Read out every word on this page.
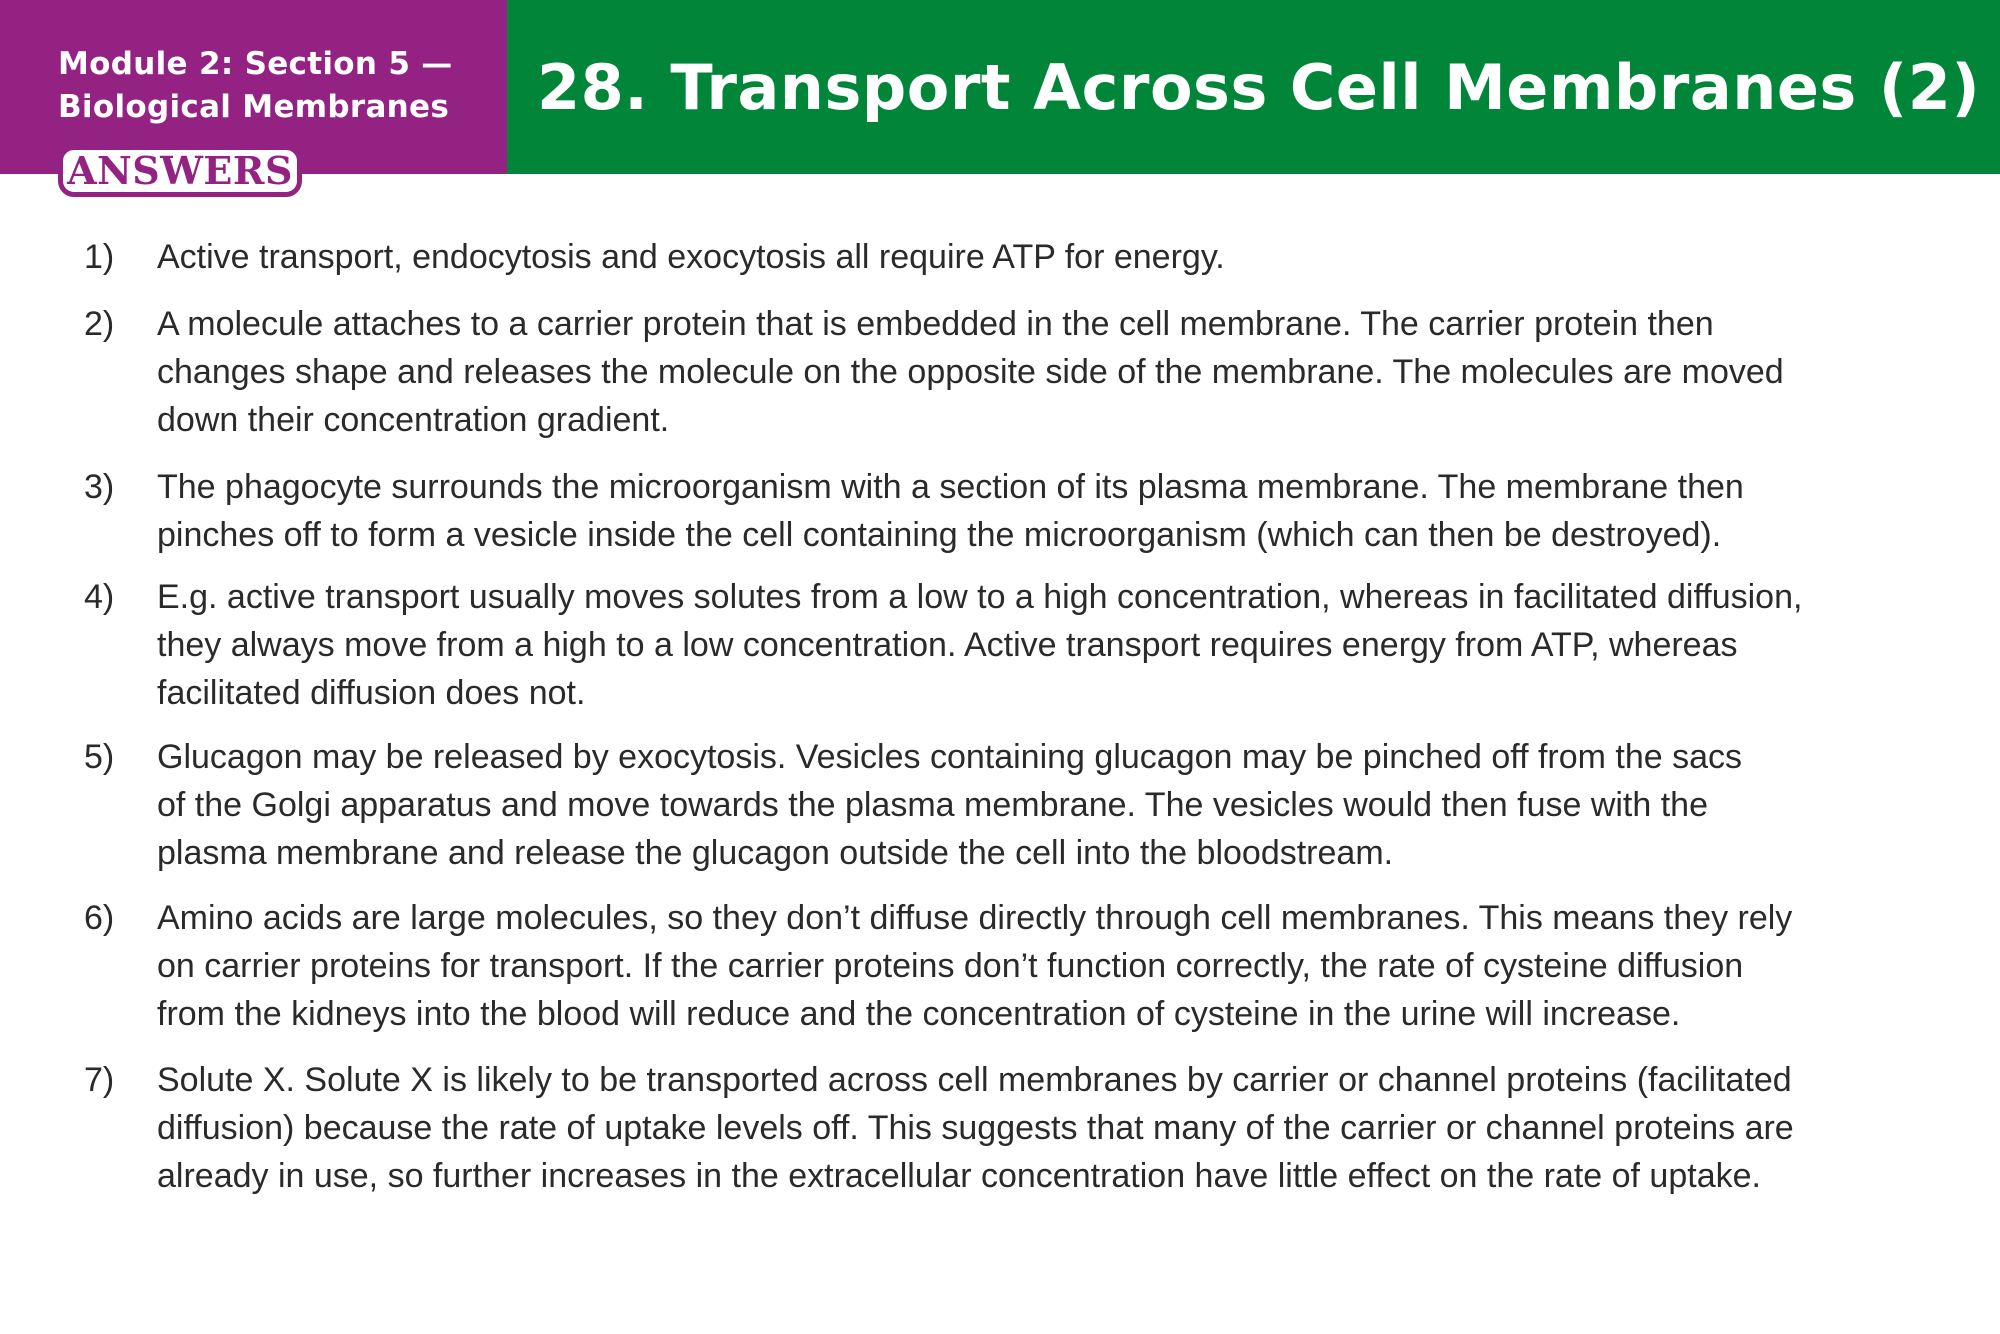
Module 2: Section 5 —
Biological Membranes 28. Transport Across Cell Membranes (2)
ANSWERS
1) Active transport, endocytosis and exocytosis all require ATP for energy.
2) A molecule attaches to a carrier protein that is embedded in the cell membrane. The carrier protein then
changes shape and releases the molecule on the opposite side of the membrane. The molecules are moved
down their concentration gradient.
3) The phagocyte surrounds the microorganism with a section of its plasma membrane. The membrane then
pinches off to form a vesicle inside the cell containing the microorganism (which can then be destroyed).
4) E.g. active transport usually moves solutes from a low to a high concentration, whereas in facilitated diffusion,
they always move from a high to a low concentration. Active transport requires energy from ATP, whereas
facilitated diffusion does not.
5) Glucagon may be released by exocytosis. Vesicles containing glucagon may be pinched off from the sacs
of the Golgi apparatus and move towards the plasma membrane. The vesicles would then fuse with the
plasma membrane and release the glucagon outside the cell into the bloodstream.
6) Amino acids are large molecules, so they don’t diffuse directly through cell membranes. This means they rely
on carrier proteins for transport. If the carrier proteins don’t function correctly, the rate of cysteine diffusion
from the kidneys into the blood will reduce and the concentration of cysteine in the urine will increase.
7) Solute X. Solute X is likely to be transported across cell membranes by carrier or channel proteins (facilitated
diffusion) because the rate of uptake levels off. This suggests that many of the carrier or channel proteins are
already in use, so further increases in the extracellular concentration have little effect on the rate of uptake.
